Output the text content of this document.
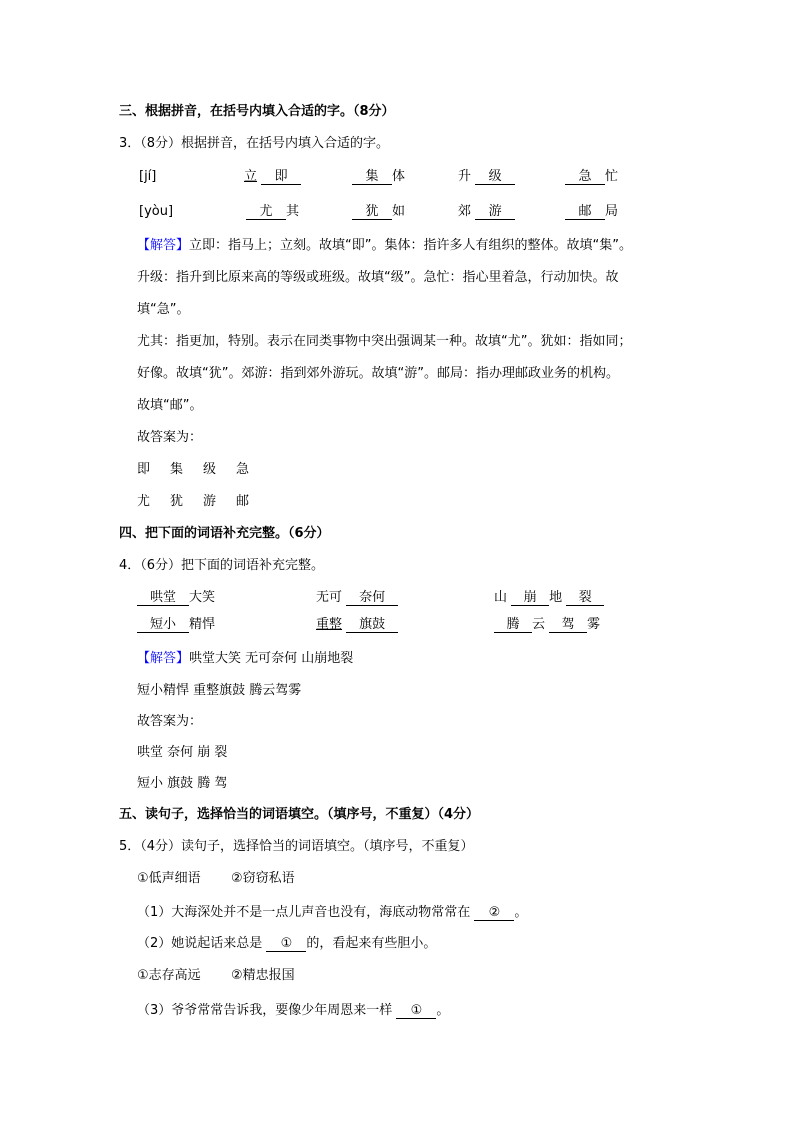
三、根据拼音，在括号内填入合适的字。（8分）
3．（8分）根据拼音，在括号内填入合适的字。
[jí]	立 即	集 体	升 级	急 忙
[yòu]	尤 其	犹 如	郊 游	邮 局
【解答】立即：指马上；立刻。故填“即”。集体：指许多人有组织的整体。故填“集”。
升级：指升到比原来高的等级或班级。故填“级”。急忙：指心里着急，行动加快。故
填“急”。
尤其：指更加，特别。表示在同类事物中突出强调某一种。故填“尤”。犹如：指如同；
好像。故填“犹”。郊游：指到郊外游玩。故填“游”。邮局：指办理邮政业务的机构。
故填“邮”。
故答案为：
即 集 级 急
尤 犹 游 邮
四、把下面的词语补充完整。（6分）
4．（6分）把下面的词语补充完整。
哄堂 大笑	无可 奈何	山 崩 地 裂
短小 精悍	重整 旗鼓	腾 云 驾 雾
【解答】哄堂大笑 无可奈何 山崩地裂
短小精悍 重整旗鼓 腾云驾雾
故答案为：
哄堂 奈何 崩 裂
短小 旗鼓 腾 驾
五、读句子，选择恰当的词语填空。（填序号，不重复）（4分）
5．（4分）读句子，选择恰当的词语填空。（填序号，不重复）
①低声细语 ②窃窃私语
（1）大海深处并不是一点儿声音也没有，海底动物常常在 ② 。
（2）她说起话来总是 ① 的，看起来有些胆小。
①志存高远 ②精忠报国
（3）爷爷常常告诉我，要像少年周恩来一样 ① 。
